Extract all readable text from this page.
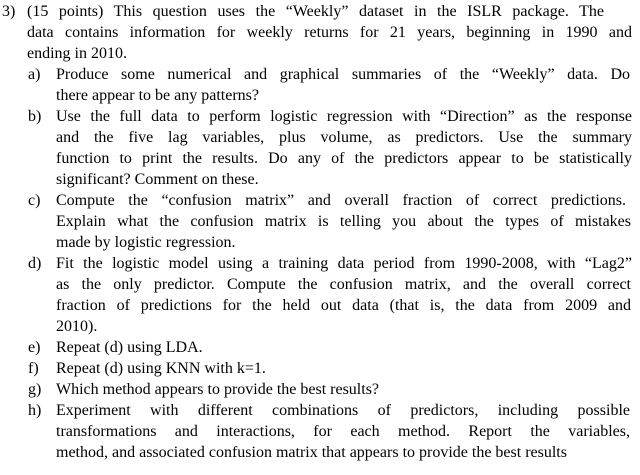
3) (15 points) This question uses the “Weekly” dataset in the ISLR package. The
data contains information for weekly returns for 21 years, beginning in 1990 and
ending in 2010.
a) Produce some numerical and graphical summaries of the “Weekly” data. Do
there appear to be any patterns?
b) Use the full data to perform logistic regression with “Direction” as the response
and the five lag variables, plus volume, as predictors. Use the summary
function to print the results. Do any of the predictors appear to be statistically
significant? Comment on these.
c) Compute the “confusion matrix” and overall fraction of correct predictions.
Explain what the confusion matrix is telling you about the types of mistakes
made by logistic regression.
d) Fit the logistic model using a training data period from 1990-2008, with “Lag2”
as the only predictor. Compute the confusion matrix, and the overall correct
fraction of predictions for the held out data (that is, the data from 2009 and
2010).
e) Repeat (d) using LDA.
f) Repeat (d) using KNN with k=1.
g) Which method appears to provide the best results?
h) Experiment with different combinations of predictors, including possible
transformations and interactions, for each method. Report the variables,
method, and associated confusion matrix that appears to provide the best results
